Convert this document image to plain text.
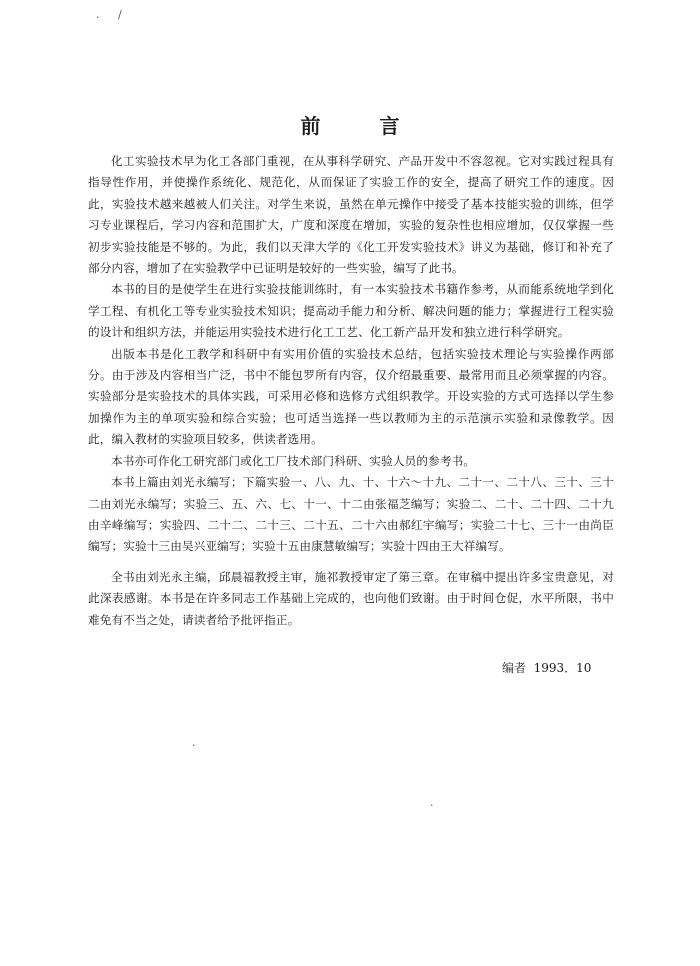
· /
·
·
前 言

化工实验技术早为化工各部门重视，在从事科学研究、产品开发中不容忽视。它对实践过程具有指导性作用，并使操作系统化、规范化，从而保证了实验工作的安全，提高了研究工作的速度。因此，实验技术越来越被人们关注。对学生来说，虽然在单元操作中接受了基本技能实验的训练，但学习专业课程后，学习内容和范围扩大，广度和深度在增加，实验的复杂性也相应增加，仅仅掌握一些初步实验技能是不够的。为此，我们以天津大学的《化工开发实验技术》讲义为基础，修订和补充了部分内容，增加了在实验教学中已证明是较好的一些实验，编写了此书。

本书的目的是使学生在进行实验技能训练时，有一本实验技术书籍作参考，从而能系统地学到化学工程、有机化工等专业实验技术知识；提高动手能力和分析、解决问题的能力；掌握进行工程实验的设计和组织方法，并能运用实验技术进行化工工艺、化工新产品开发和独立进行科学研究。

出版本书是化工教学和科研中有实用价值的实验技术总结，包括实验技术理论与实验操作两部分。由于涉及内容相当广泛，书中不能包罗所有内容，仅介绍最重要、最常用而且必须掌握的内容。实验部分是实验技术的具体实践，可采用必修和选修方式组织教学。开设实验的方式可选择以学生参加操作为主的单项实验和综合实验；也可适当选择一些以教师为主的示范演示实验和录像教学。因此，编入教材的实验项目较多，供读者选用。

本书亦可作化工研究部门或化工厂技术部门科研、实验人员的参考书。

本书上篇由刘光永编写；下篇实验一、八、九、十、十六～十九、二十一、二十八、三十、三十二由刘光永编写；实验三、五、六、七、十一、十二由张福芝编写；实验二、二十、二十四、二十九由辛峰编写；实验四、二十二、二十三、二十五、二十六由郝红宇编写；实验二十七、三十一由尚臣编写；实验十三由吴兴亚编写；实验十五由康慧敏编写；实验十四由王大祥编写。

全书由刘光永主编，邱晨福教授主审，施祁教授审定了第三章。在审稿中提出许多宝贵意见，对此深表感谢。本书是在许多同志工作基础上完成的，也向他们致谢。由于时间仓促，水平所限，书中难免有不当之处，请读者给予批评指正。

编者  1993．10
